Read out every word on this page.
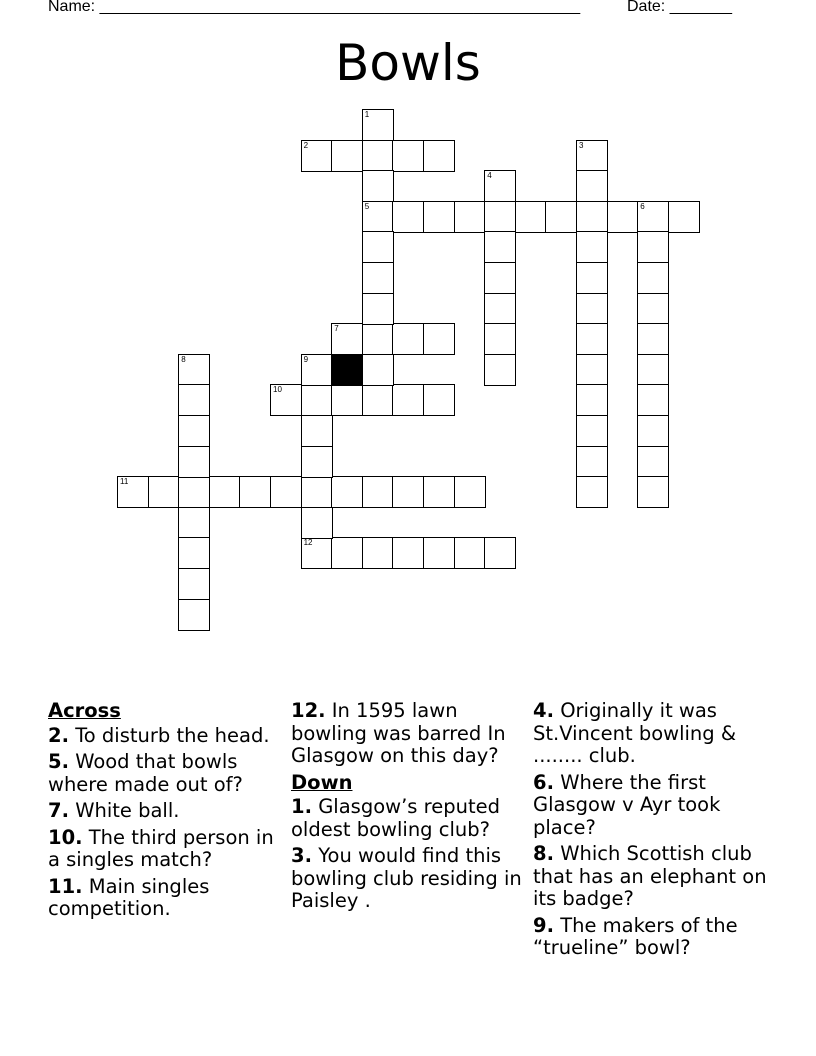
Name: ______________________________________________________	Date: _______
Bowls
2
5	6
7
10
11
12
1
3
4
8	9
Across
2. To disturb the head.
5. Wood that bowls where made out of?
7. White ball.
10. The third person in a singles match?
11. Main singles competition.
12. In 1595 lawn bowling was barred In Glasgow on this day?
Down
1. Glasgow’s reputed oldest bowling club?
3. You would find this bowling club residing in Paisley .
4. Originally it was St.Vincent bowling & ........ club.
6. Where the first Glasgow v Ayr took place?
8. Which Scottish club that has an elephant on its badge?
9. The makers of the “trueline” bowl?
